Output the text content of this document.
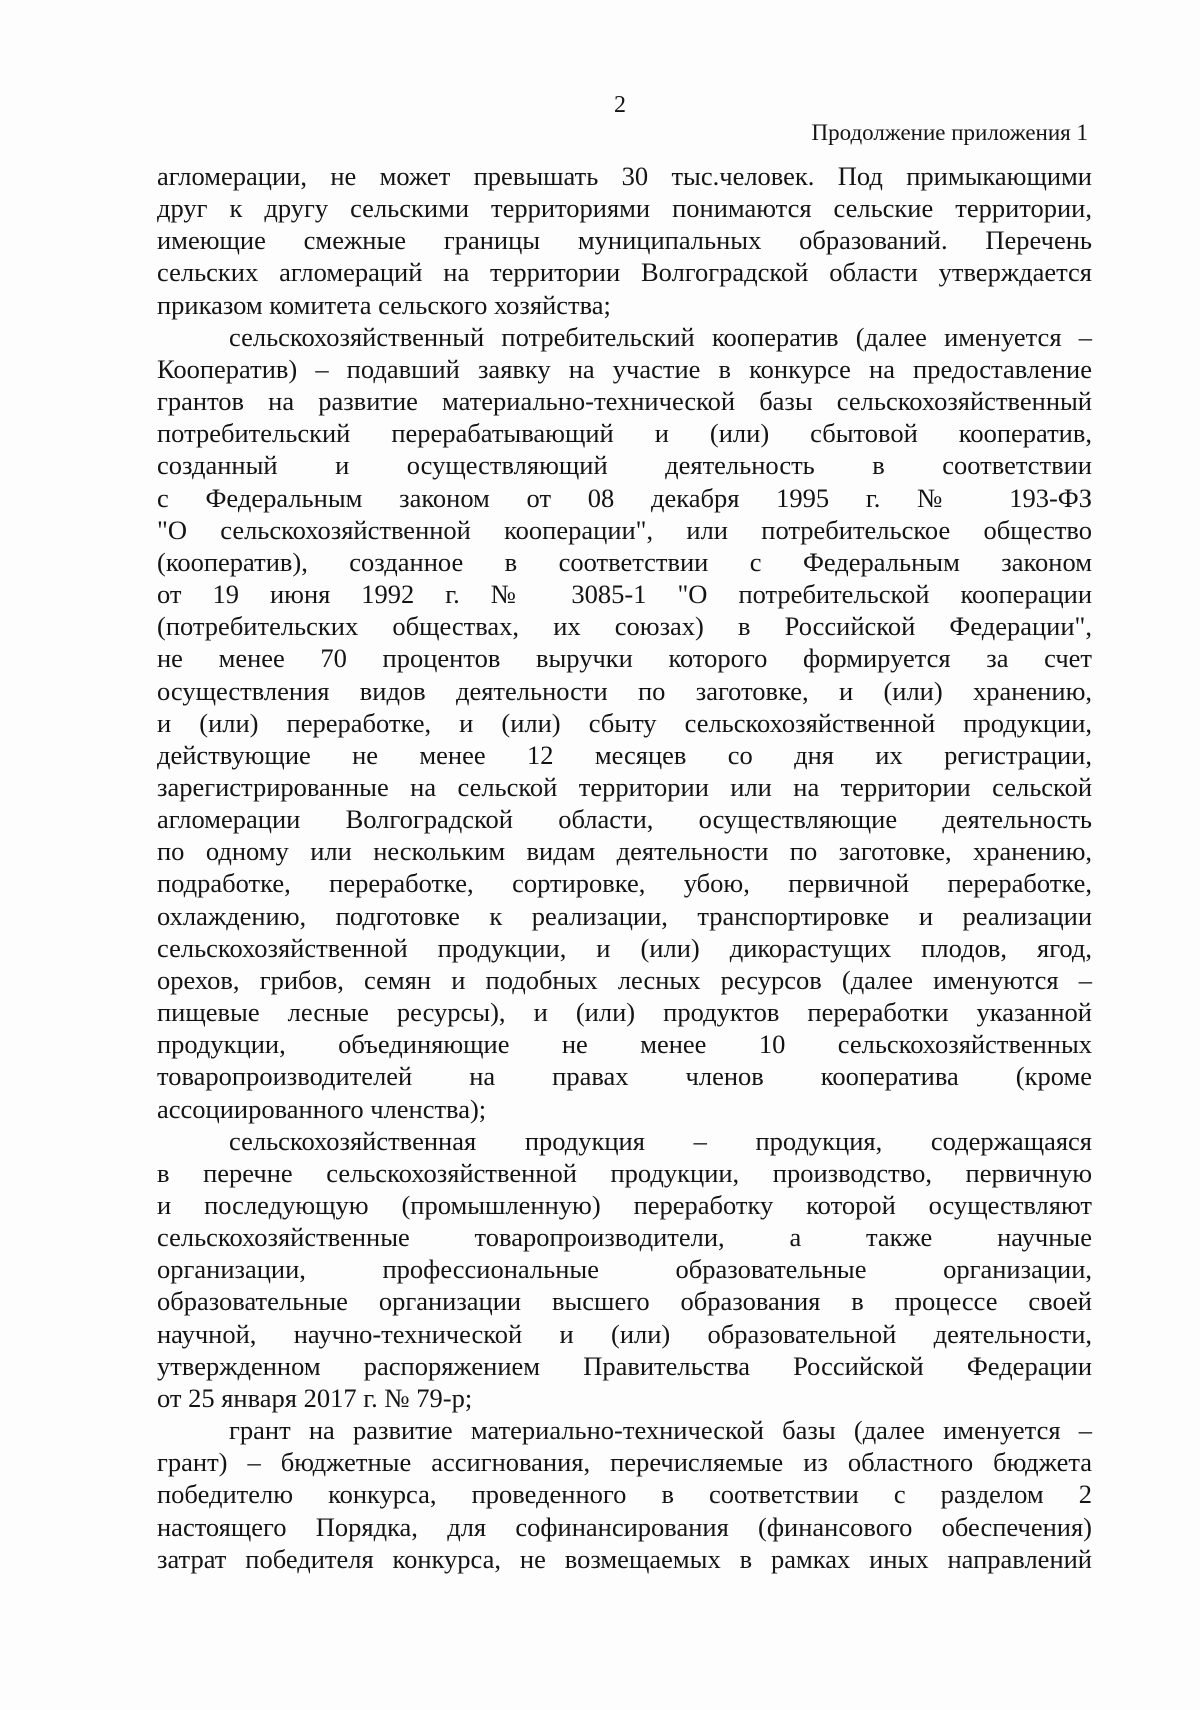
2
Продолжение приложения 1
агломерации, не может превышать 30 тыс.человек. Под примыкающими
друг к другу сельскими территориями понимаются сельские территории,
имеющие смежные границы муниципальных образований. Перечень
сельских агломераций на территории Волгоградской области утверждается
приказом комитета сельского хозяйства;
сельскохозяйственный потребительский кооператив (далее именуется –
Кооператив) – подавший заявку на участие в конкурсе на предоставление
грантов на развитие материально-технической базы сельскохозяйственный
потребительский перерабатывающий и (или) сбытовой кооператив,
созданный и осуществляющий деятельность в соответствии
с Федеральным законом от 08 декабря 1995 г. № 193-ФЗ
"О сельскохозяйственной кооперации", или потребительское общество
(кооператив), созданное в соответствии с Федеральным законом
от 19 июня 1992 г. № 3085-1 "О потребительской кооперации
(потребительских обществах, их союзах) в Российской Федерации",
не менее 70 процентов выручки которого формируется за счет
осуществления видов деятельности по заготовке, и (или) хранению,
и (или) переработке, и (или) сбыту сельскохозяйственной продукции,
действующие не менее 12 месяцев со дня их регистрации,
зарегистрированные на сельской территории или на территории сельской
агломерации Волгоградской области, осуществляющие деятельность
по одному или нескольким видам деятельности по заготовке, хранению,
подработке, переработке, сортировке, убою, первичной переработке,
охлаждению, подготовке к реализации, транспортировке и реализации
сельскохозяйственной продукции, и (или) дикорастущих плодов, ягод,
орехов, грибов, семян и подобных лесных ресурсов (далее именуются –
пищевые лесные ресурсы), и (или) продуктов переработки указанной
продукции, объединяющие не менее 10 сельскохозяйственных
товаропроизводителей на правах членов кооператива (кроме
ассоциированного членства);
сельскохозяйственная продукция – продукция, содержащаяся
в перечне сельскохозяйственной продукции, производство, первичную
и последующую (промышленную) переработку которой осуществляют
сельскохозяйственные товаропроизводители, а также научные
организации, профессиональные образовательные организации,
образовательные организации высшего образования в процессе своей
научной, научно-технической и (или) образовательной деятельности,
утвержденном распоряжением Правительства Российской Федерации
от 25 января 2017 г. № 79-р;
грант на развитие материально-технической базы (далее именуется –
грант) – бюджетные ассигнования, перечисляемые из областного бюджета
победителю конкурса, проведенного в соответствии с разделом 2
настоящего Порядка, для софинансирования (финансового обеспечения)
затрат победителя конкурса, не возмещаемых в рамках иных направлений
